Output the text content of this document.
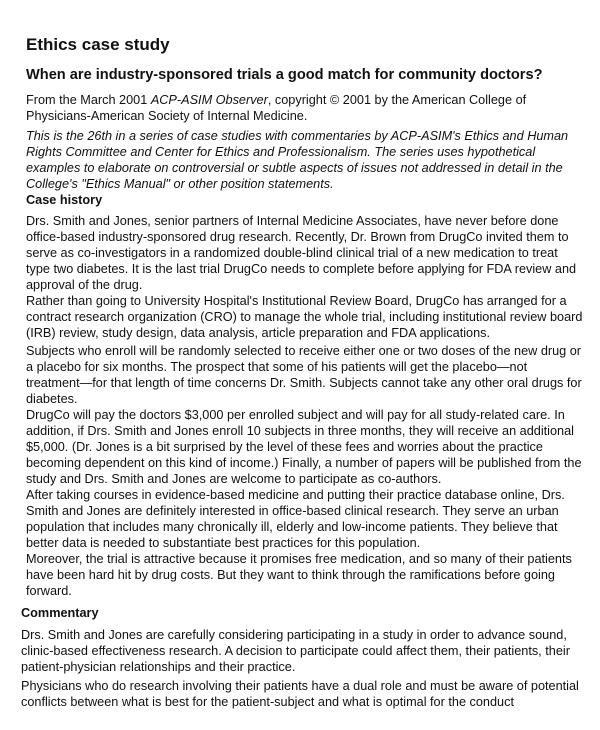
Ethics case study
When are industry-sponsored trials a good match for community doctors?

From the March 2001 ACP-ASIM Observer, copyright © 2001 by the American College of Physicians-American Society of Internal Medicine.

This is the 26th in a series of case studies with commentaries by ACP-ASIM's Ethics and Human Rights Committee and Center for Ethics and Professionalism. The series uses hypothetical examples to elaborate on controversial or subtle aspects of issues not addressed in detail in the College's "Ethics Manual" or other position statements.

Case history

Drs. Smith and Jones, senior partners of Internal Medicine Associates, have never before done office-based industry-sponsored drug research. Recently, Dr. Brown from DrugCo invited them to serve as co-investigators in a randomized double-blind clinical trial of a new medication to treat type two diabetes. It is the last trial DrugCo needs to complete before applying for FDA review and approval of the drug.

Rather than going to University Hospital's Institutional Review Board, DrugCo has arranged for a contract research organization (CRO) to manage the whole trial, including institutional review board (IRB) review, study design, data analysis, article preparation and FDA applications.

Subjects who enroll will be randomly selected to receive either one or two doses of the new drug or a placebo for six months. The prospect that some of his patients will get the placebo—not treatment—for that length of time concerns Dr. Smith. Subjects cannot take any other oral drugs for diabetes.

DrugCo will pay the doctors $3,000 per enrolled subject and will pay for all study-related care. In addition, if Drs. Smith and Jones enroll 10 subjects in three months, they will receive an additional $5,000. (Dr. Jones is a bit surprised by the level of these fees and worries about the practice becoming dependent on this kind of income.) Finally, a number of papers will be published from the study and Drs. Smith and Jones are welcome to participate as co-authors.

After taking courses in evidence-based medicine and putting their practice database online, Drs. Smith and Jones are definitely interested in office-based clinical research. They serve an urban population that includes many chronically ill, elderly and low-income patients. They believe that better data is needed to substantiate best practices for this population.

Moreover, the trial is attractive because it promises free medication, and so many of their patients have been hard hit by drug costs. But they want to think through the ramifications before going forward.

Commentary

Drs. Smith and Jones are carefully considering participating in a study in order to advance sound, clinic-based effectiveness research. A decision to participate could affect them, their patients, their patient-physician relationships and their practice.

Physicians who do research involving their patients have a dual role and must be aware of potential conflicts between what is best for the patient-subject and what is optimal for the conduct
